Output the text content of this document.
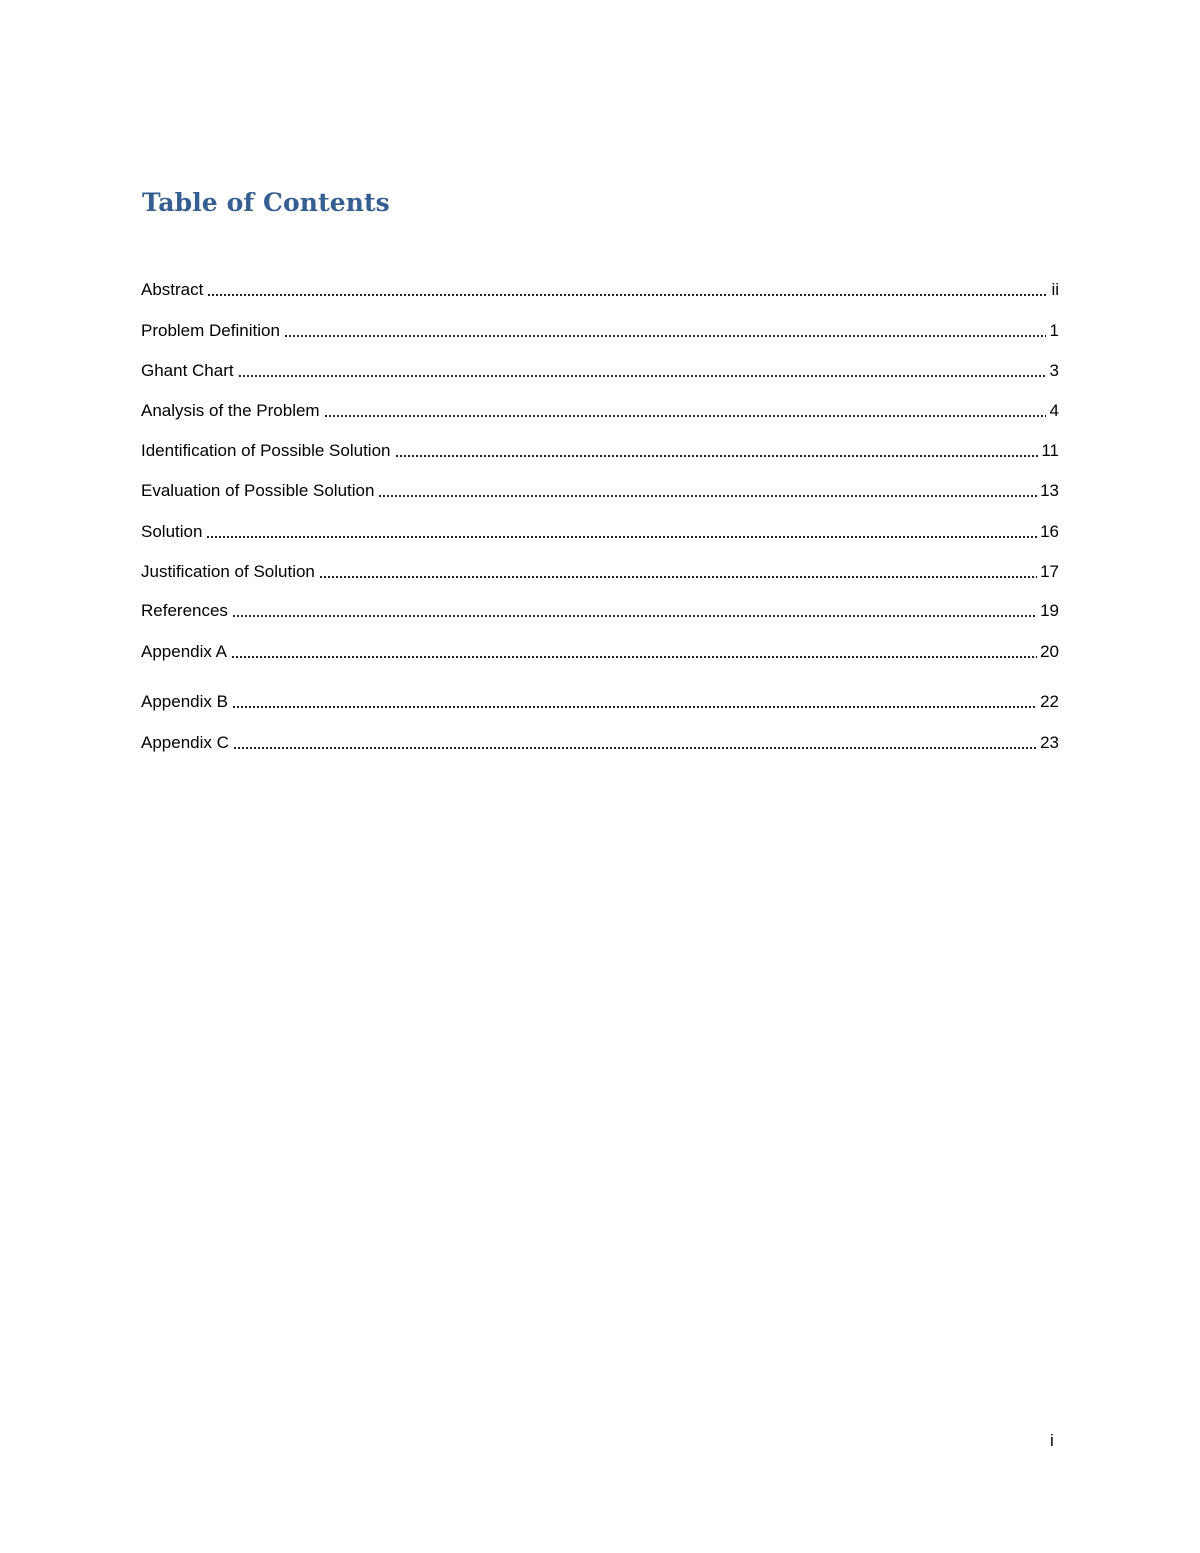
Table of Contents
Abstract	ii
Problem Definition	1
Ghant Chart	3
Analysis of the Problem	4
Identification of Possible Solution	11
Evaluation of Possible Solution	13
Solution	16
Justification of Solution	17
References	19
Appendix A	20
Appendix B	22
Appendix C	23
i
